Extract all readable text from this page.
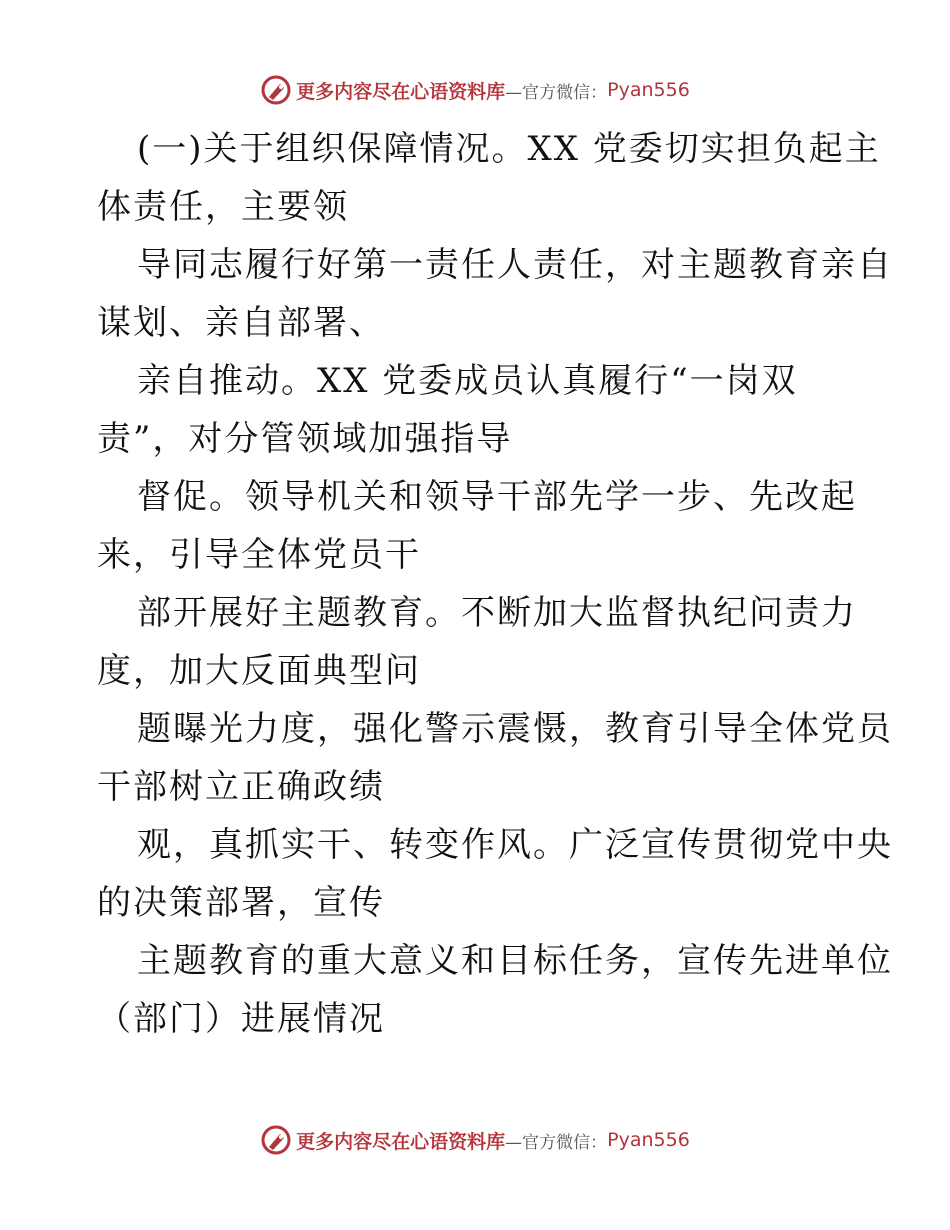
更多内容尽在心语资料库 —官方微信： Pyan556
(一)关于组织保障情况。XX 党委切实担负起主
体责任，主要领
导同志履行好第一责任人责任，对主题教育亲自
谋划、亲自部署、
亲自推动。XX 党委成员认真履行“一岗双
责”，对分管领域加强指导
督促。领导机关和领导干部先学一步、先改起
来，引导全体党员干
部开展好主题教育。不断加大监督执纪问责力
度，加大反面典型问
题曝光力度，强化警示震慑，教育引导全体党员
干部树立正确政绩
观，真抓实干、转变作风。广泛宣传贯彻党中央
的决策部署，宣传
主题教育的重大意义和目标任务，宣传先进单位
（部门）进展情况
更多内容尽在心语资料库 —官方微信： Pyan556
